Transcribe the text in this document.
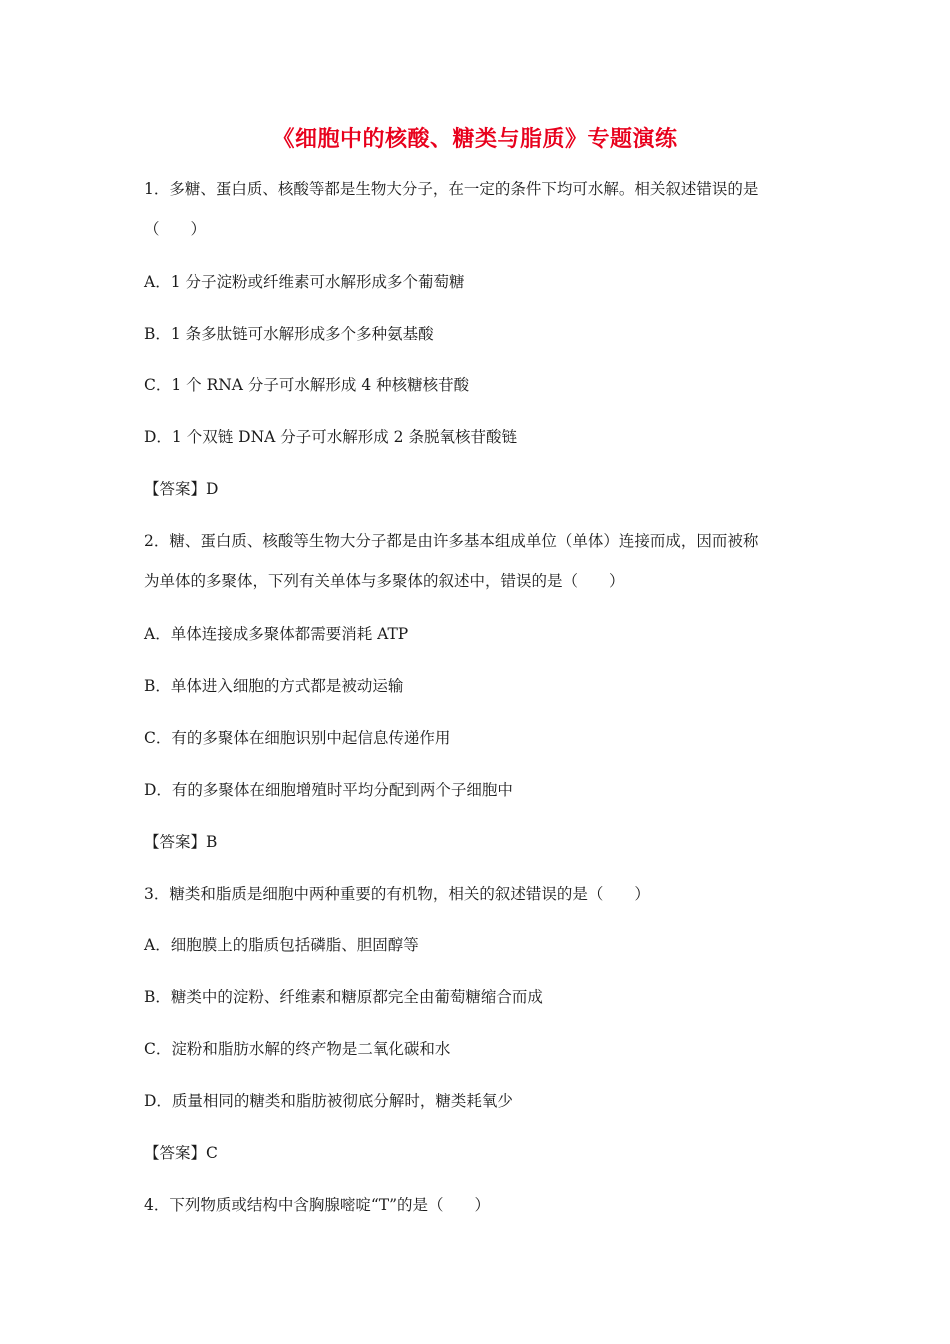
《细胞中的核酸、糖类与脂质》专题演练
1．多糖、蛋白质、核酸等都是生物大分子，在一定的条件下均可水解。相关叙述错误的是
（　　）
A．1 分子淀粉或纤维素可水解形成多个葡萄糖
B．1 条多肽链可水解形成多个多种氨基酸
C．1 个 RNA 分子可水解形成 4 种核糖核苷酸
D．1 个双链 DNA 分子可水解形成 2 条脱氧核苷酸链
【答案】D
2．糖、蛋白质、核酸等生物大分子都是由许多基本组成单位（单体）连接而成，因而被称
为单体的多聚体，下列有关单体与多聚体的叙述中，错误的是（　　）
A．单体连接成多聚体都需要消耗 ATP
B．单体进入细胞的方式都是被动运输
C．有的多聚体在细胞识别中起信息传递作用
D．有的多聚体在细胞增殖时平均分配到两个子细胞中
【答案】B
3．糖类和脂质是细胞中两种重要的有机物，相关的叙述错误的是（　　）
A．细胞膜上的脂质包括磷脂、胆固醇等
B．糖类中的淀粉、纤维素和糖原都完全由葡萄糖缩合而成
C．淀粉和脂肪水解的终产物是二氧化碳和水
D．质量相同的糖类和脂肪被彻底分解时，糖类耗氧少
【答案】C
4．下列物质或结构中含胸腺嘧啶“T”的是（　　）
